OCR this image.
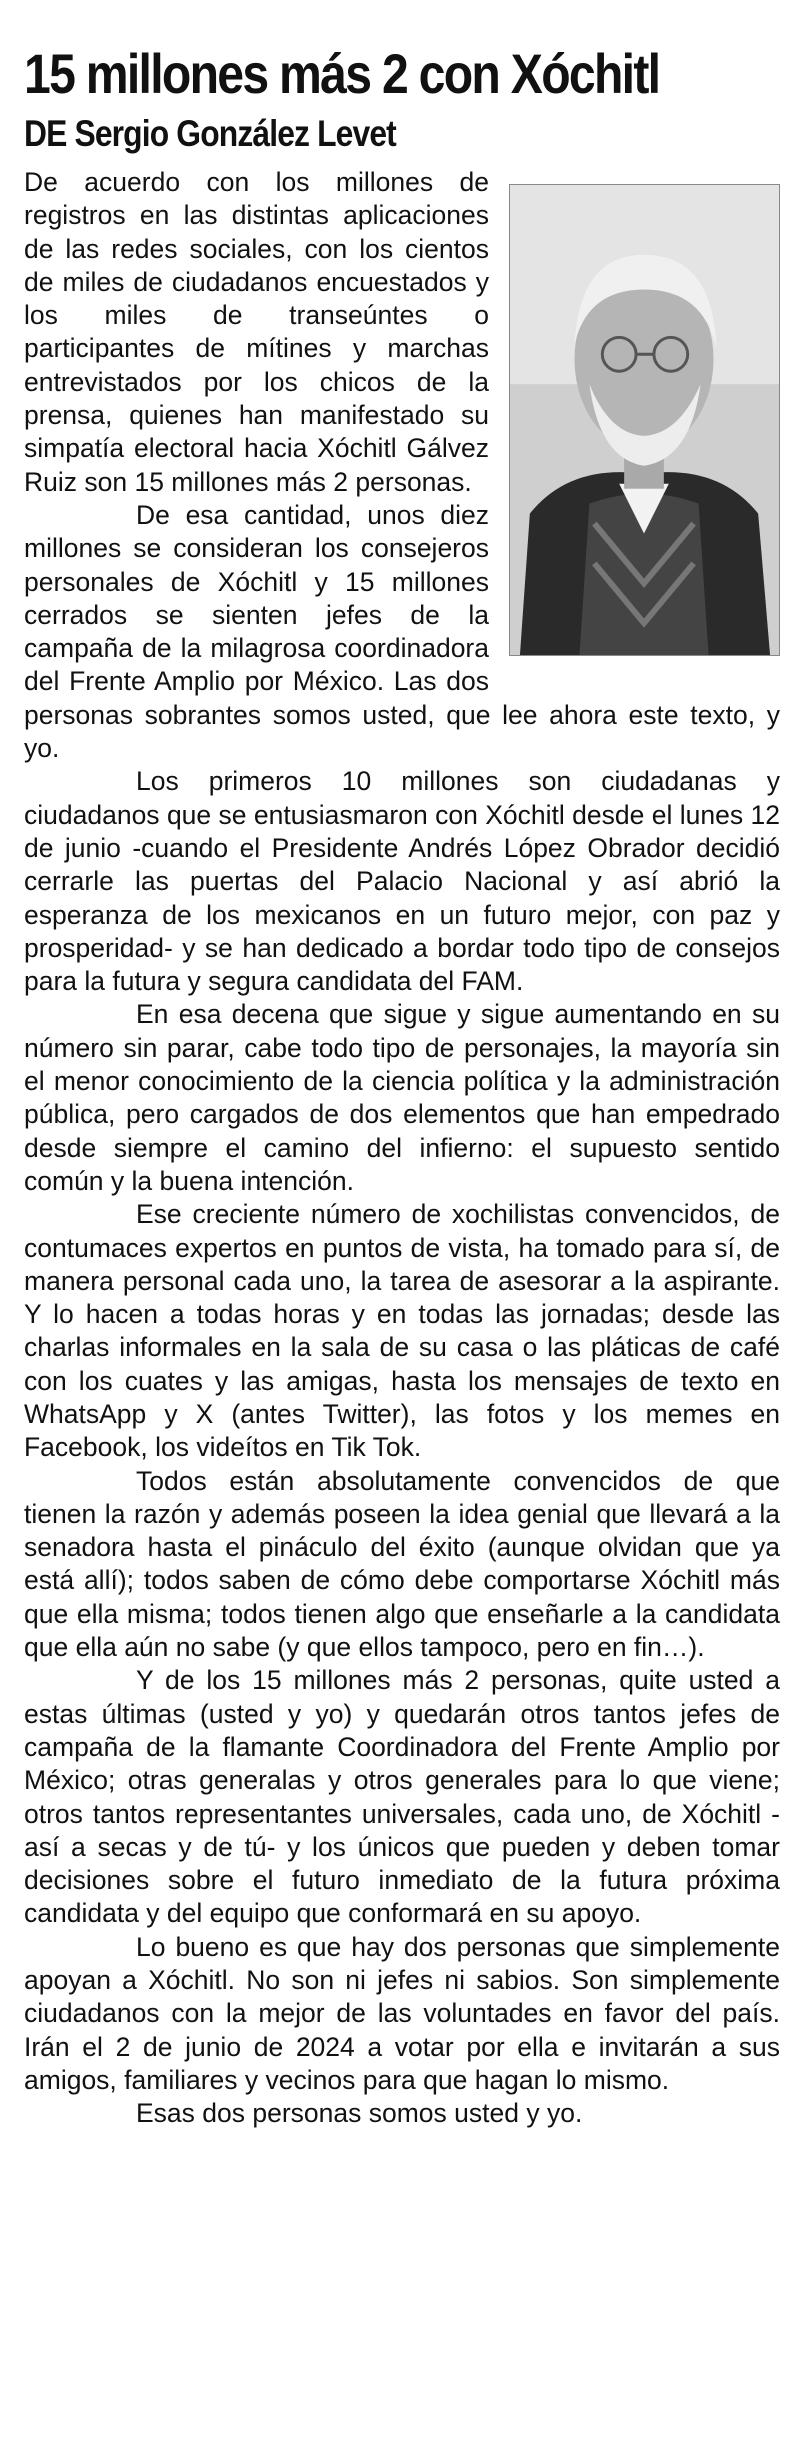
15 millones más 2 con Xóchitl
DE Sergio González Levet

De acuerdo con los millones de registros en las distintas aplicaciones de las redes sociales, con los cientos de miles de ciudadanos encuestados y los miles de transeúntes o participantes de mítines y marchas entrevistados por los chicos de la prensa, quienes han manifestado su simpatía electoral hacia Xóchitl Gálvez Ruiz son 15 millones más 2 personas.

De esa cantidad, unos diez millones se consideran los consejeros personales de Xóchitl y 15 millones cerrados se sienten jefes de la campaña de la milagrosa coordinadora del Frente Amplio por México. Las dos personas sobrantes somos usted, que lee ahora este texto, y yo.

Los primeros 10 millones son ciudadanas y ciudadanos que se entusiasmaron con Xóchitl desde el lunes 12 de junio -cuando el Presidente Andrés López Obrador decidió cerrarle las puertas del Palacio Nacional y así abrió la esperanza de los mexicanos en un futuro mejor, con paz y prosperidad- y se han dedicado a bordar todo tipo de consejos para la futura y segura candidata del FAM.

En esa decena que sigue y sigue aumentando en su número sin parar, cabe todo tipo de personajes, la mayoría sin el menor conocimiento de la ciencia política y la administración pública, pero cargados de dos elementos que han empedrado desde siempre el camino del infierno: el supuesto sentido común y la buena intención.

Ese creciente número de xochilistas convencidos, de contumaces expertos en puntos de vista, ha tomado para sí, de manera personal cada uno, la tarea de asesorar a la aspirante. Y lo hacen a todas horas y en todas las jornadas; desde las charlas informales en la sala de su casa o las pláticas de café con los cuates y las amigas, hasta los mensajes de texto en WhatsApp y X (antes Twitter), las fotos y los memes en Facebook, los videítos en Tik Tok.

Todos están absolutamente convencidos de que tienen la razón y además poseen la idea genial que llevará a la senadora hasta el pináculo del éxito (aunque olvidan que ya está allí); todos saben de cómo debe comportarse Xóchitl más que ella misma; todos tienen algo que enseñarle a la candidata que ella aún no sabe (y que ellos tampoco, pero en fin…).

Y de los 15 millones más 2 personas, quite usted a estas últimas (usted y yo) y quedarán otros tantos jefes de campaña de la flamante Coordinadora del Frente Amplio por México; otras generalas y otros generales para lo que viene; otros tantos representantes universales, cada uno, de Xóchitl -así a secas y de tú- y los únicos que pueden y deben tomar decisiones sobre el futuro inmediato de la futura próxima candidata y del equipo que conformará en su apoyo.

Lo bueno es que hay dos personas que simplemente apoyan a Xóchitl. No son ni jefes ni sabios. Son simplemente ciudadanos con la mejor de las voluntades en favor del país. Irán el 2 de junio de 2024 a votar por ella e invitarán a sus amigos, familiares y vecinos para que hagan lo mismo.

Esas dos personas somos usted y yo.
